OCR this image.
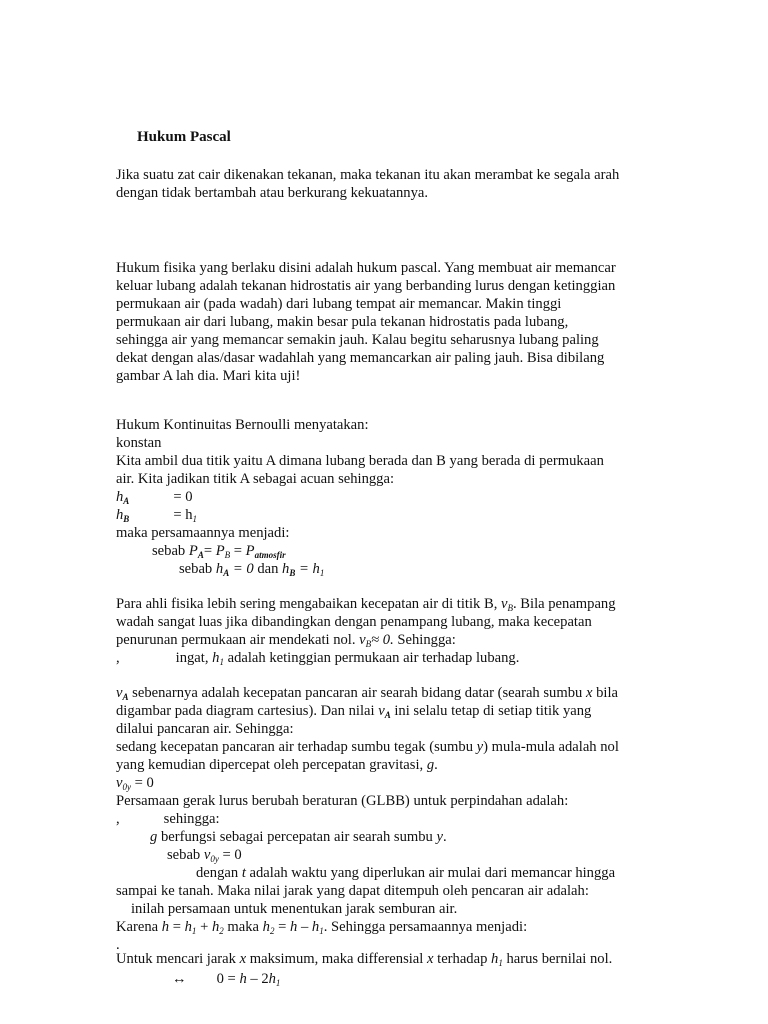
Hukum Pascal
Jika suatu zat cair dikenakan tekanan, maka tekanan itu akan merambat ke segala arah
dengan tidak bertambah atau berkurang kekuatannya.
Hukum fisika yang berlaku disini adalah hukum pascal. Yang membuat air memancar
keluar lubang adalah tekanan hidrostatis air yang berbanding lurus dengan ketinggian
permukaan air (pada wadah) dari lubang tempat air memancar. Makin tinggi
permukaan air dari lubang, makin besar pula tekanan hidrostatis pada lubang,
sehingga air yang memancar semakin jauh. Kalau begitu seharusnya lubang paling
dekat dengan alas/dasar wadahlah yang memancarkan air paling jauh. Bisa dibilang
gambar A lah dia. Mari kita uji!
Hukum Kontinuitas Bernoulli menyatakan:
konstan
Kita ambil dua titik yaitu A dimana lubang berada dan B yang berada di permukaan
air. Kita jadikan titik A sebagai acuan sehingga:
$h_A$	= 0
$h_B$	= $h_1$
maka persamaannya menjadi:
sebab $P_A= P_B = P_{atmosfir}$
sebab $h_A = 0$ dan $h_B = h_1$
Para ahli fisika lebih sering mengabaikan kecepatan air di titik B, $v_B$. Bila penampang
wadah sangat luas jika dibandingkan dengan penampang lubang, maka kecepatan
penurunan permukaan air mendekati nol. $v_B\approx 0$. Sehingga:
,	ingat, $h_1$ adalah ketinggian permukaan air terhadap lubang.
$v_A$ sebenarnya adalah kecepatan pancaran air searah bidang datar (searah sumbu x bila
digambar pada diagram cartesius). Dan nilai $v_A$ ini selalu tetap di setiap titik yang
dilalui pancaran air. Sehingga:
sedang kecepatan pancaran air terhadap sumbu tegak (sumbu y) mula-mula adalah nol
yang kemudian dipercepat oleh percepatan gravitasi, g.
$v_{0y} = 0$
Persamaan gerak lurus berubah beraturan (GLBB) untuk perpindahan adalah:
,	sehingga:
g berfungsi sebagai percepatan air searah sumbu y.
sebab $v_{0y} = 0$
dengan t adalah waktu yang diperlukan air mulai dari memancar hingga
sampai ke tanah. Maka nilai jarak yang dapat ditempuh oleh pencaran air adalah:
inilah persamaan untuk menentukan jarak semburan air.
Karena $h = h_1 + h_2$ maka $h_2 = h - h_1$. Sehingga persamaannya menjadi:
.
Untuk mencari jarak x maksimum, maka differensial x terhadap $h_1$ harus bernilai nol.
↔ $0 = h - 2h_1$
